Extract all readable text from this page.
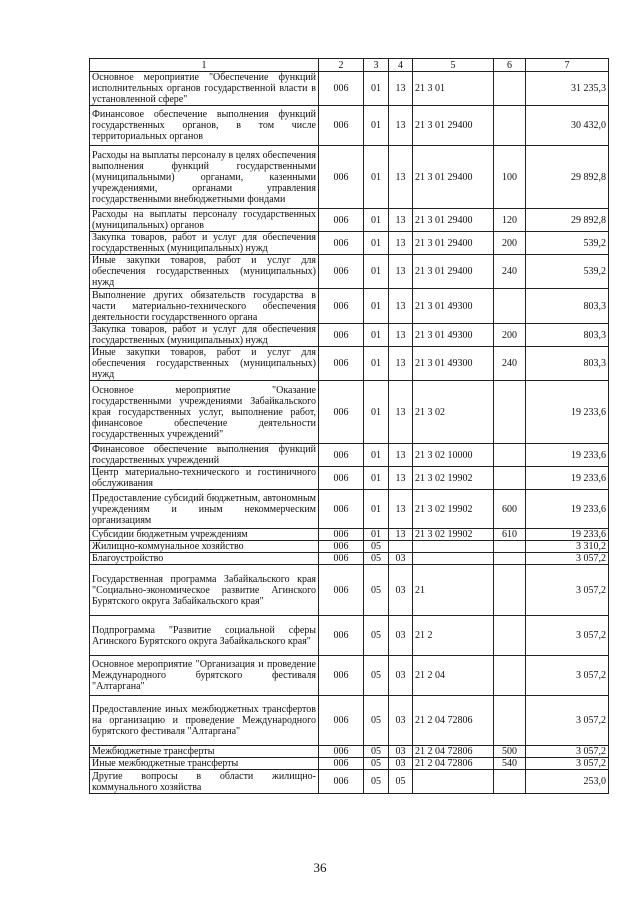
1	2	3	4	5	6	7
Основное мероприятие "Обеспечение функций исполнительных органов государственной власти в установленной сфере"	006	01	13	21 3 01		31 235,3
Финансовое обеспечение выполнения функций государственных органов, в том числе территориальных органов	006	01	13	21 3 01 29400		30 432,0
Расходы на выплаты персоналу в целях обеспечения выполнения функций государственными (муниципальными) органами, казенными учреждениями, органами управления государственными внебюджетными фондами	006	01	13	21 3 01 29400	100	29 892,8
Расходы на выплаты персоналу государственных (муниципальных) органов	006	01	13	21 3 01 29400	120	29 892,8
Закупка товаров, работ и услуг для обеспечения государственных (муниципальных) нужд	006	01	13	21 3 01 29400	200	539,2
Иные закупки товаров, работ и услуг для обеспечения государственных (муниципальных) нужд	006	01	13	21 3 01 29400	240	539,2
Выполнение других обязательств государства в части материально-технического обеспечения деятельности государственного органа	006	01	13	21 3 01 49300		803,3
Закупка товаров, работ и услуг для обеспечения государственных (муниципальных) нужд	006	01	13	21 3 01 49300	200	803,3
Иные закупки товаров, работ и услуг для обеспечения государственных (муниципальных) нужд	006	01	13	21 3 01 49300	240	803,3
Основное мероприятие "Оказание государственными учреждениями Забайкальского края государственных услуг, выполнение работ, финансовое обеспечение деятельности государственных учреждений"	006	01	13	21 3 02		19 233,6
Финансовое обеспечение выполнения функций государственных учреждений	006	01	13	21 3 02 10000		19 233,6
Центр материально-технического и гостиничного обслуживания	006	01	13	21 3 02 19902		19 233,6
Предоставление субсидий бюджетным, автономным учреждениям и иным некоммерческим организациям	006	01	13	21 3 02 19902	600	19 233,6
Субсидии бюджетным учреждениям	006	01	13	21 3 02 19902	610	19 233,6
Жилищно-коммунальное хозяйство	006	05				3 310,2
Благоустройство	006	05	03			3 057,2
Государственная программа Забайкальского края "Социально-экономическое развитие Агинского Бурятского округа Забайкальского края"	006	05	03	21		3 057,2
Подпрограмма "Развитие социальной сферы Агинского Бурятского округа Забайкальского края"	006	05	03	21 2		3 057,2
Основное мероприятие "Организация и проведение Международного бурятского фестиваля "Алтаргана"	006	05	03	21 2 04		3 057,2
Предоставление иных межбюджетных трансфертов на организацию и проведение Международного бурятского фестиваля "Алтаргана"	006	05	03	21 2 04 72806		3 057,2
Межбюджетные трансферты	006	05	03	21 2 04 72806	500	3 057,2
Иные межбюджетные трансферты	006	05	03	21 2 04 72806	540	3 057,2
Другие вопросы в области жилищно-коммунального хозяйства	006	05	05			253,0
36
